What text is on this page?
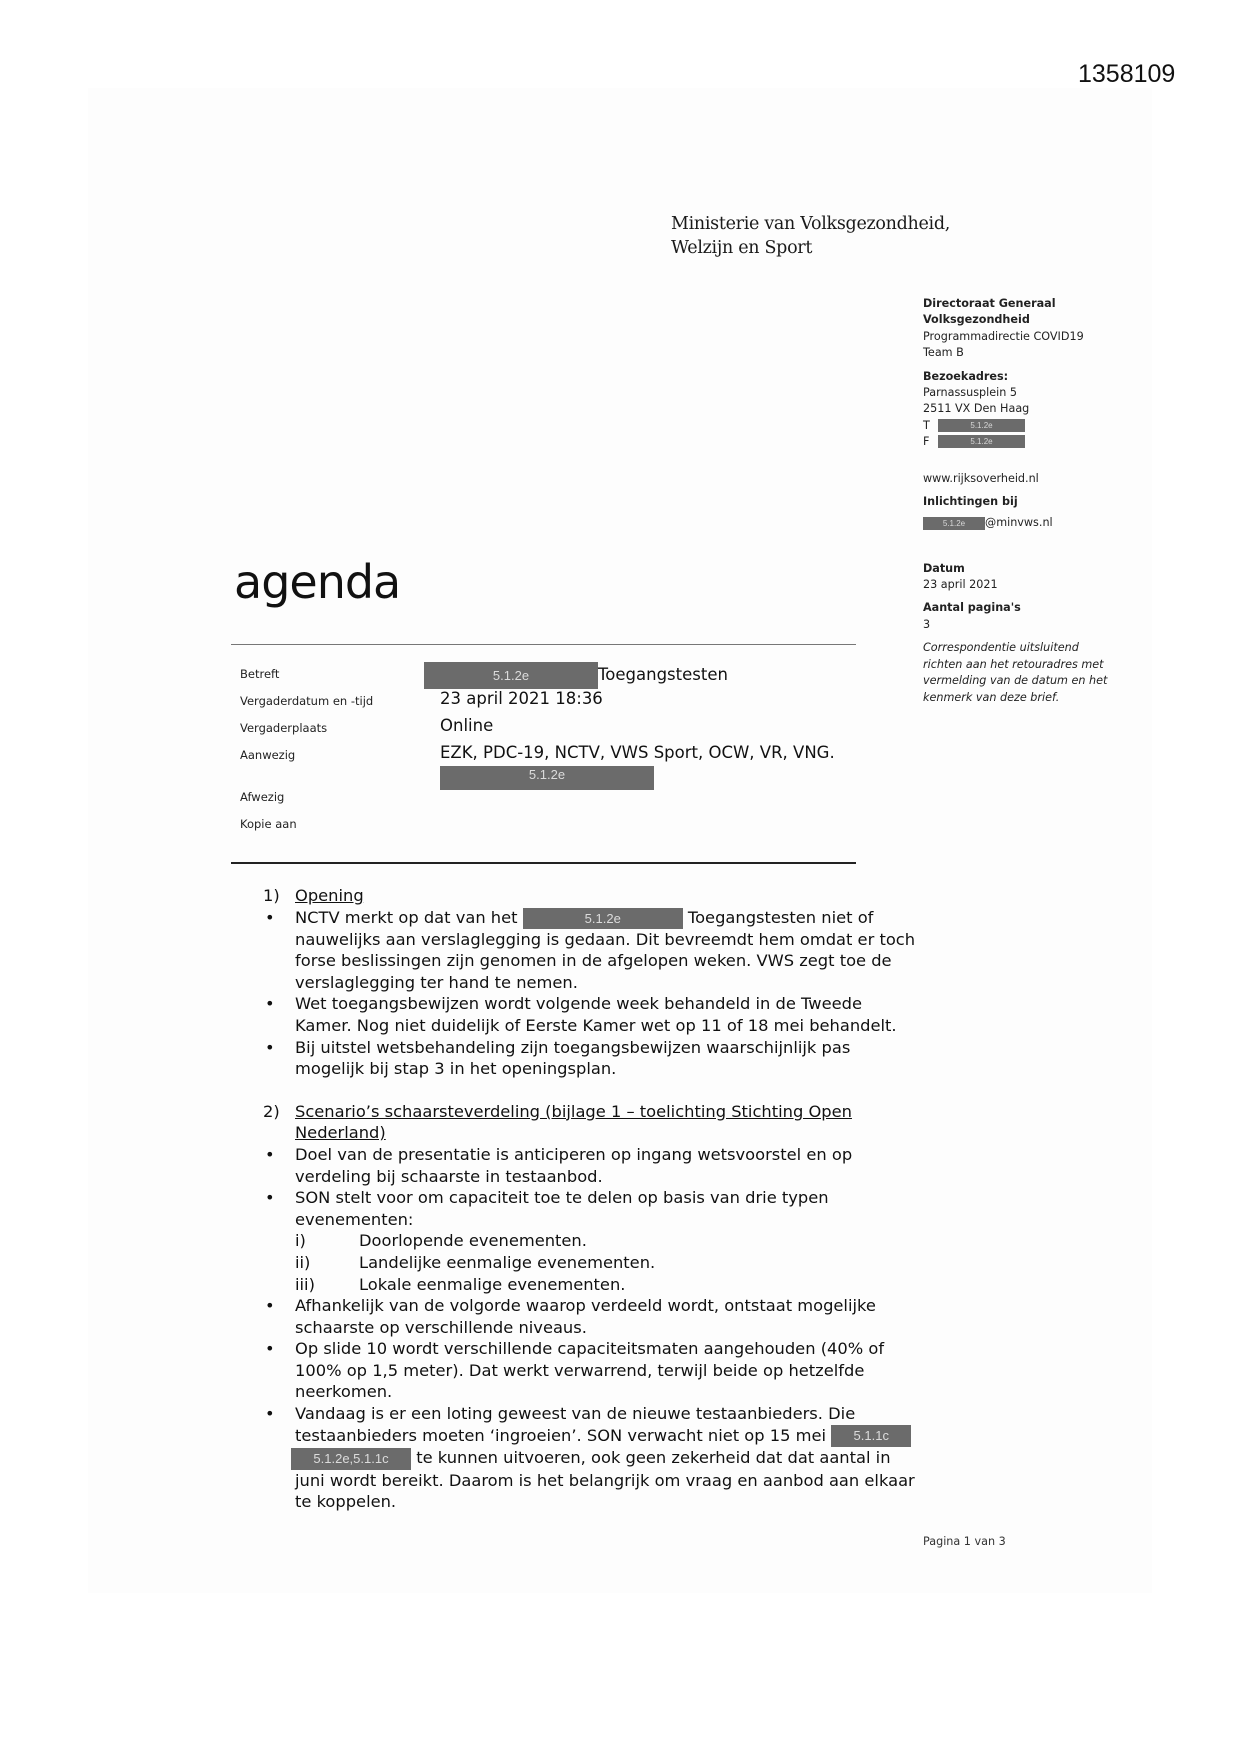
1358109
Ministerie van Volksgezondheid,
Welzijn en Sport
Directoraat Generaal
Volksgezondheid
Programmadirectie COVID19
Team B
Bezoekadres:
Parnassusplein 5
2511 VX Den Haag
T	5.1.2e
F	5.1.2e
www.rijksoverheid.nl
Inlichtingen bij
5.1.2e	@minvws.nl
Datum
23 april 2021
Aantal pagina's
3
Correspondentie uitsluitend richten aan het retouradres met vermelding van de datum en het kenmerk van deze brief.
agenda
Betreft	5.1.2e	Toegangstesten
Vergaderdatum en -tijd	23 april 2021 18:36
Vergaderplaats	Online
Aanwezig	EZK, PDC-19, NCTV, VWS Sport, OCW, VR, VNG.
5.1.2e
Afwezig
Kopie aan
1) Opening
•	NCTV merkt op dat van het	5.1.2e	Toegangstesten niet of nauwelijks aan verslaglegging is gedaan. Dit bevreemdt hem omdat er toch forse beslissingen zijn genomen in de afgelopen weken. VWS zegt toe de verslaglegging ter hand te nemen.
•	Wet toegangsbewijzen wordt volgende week behandeld in de Tweede Kamer. Nog niet duidelijk of Eerste Kamer wet op 11 of 18 mei behandelt.
•	Bij uitstel wetsbehandeling zijn toegangsbewijzen waarschijnlijk pas mogelijk bij stap 3 in het openingsplan.
2) Scenario’s schaarsteverdeling (bijlage 1 – toelichting Stichting Open Nederland)
•	Doel van de presentatie is anticiperen op ingang wetsvoorstel en op verdeling bij schaarste in testaanbod.
•	SON stelt voor om capaciteit toe te delen op basis van drie typen evenementen:
i)	Doorlopende evenementen.
ii)	Landelijke eenmalige evenementen.
iii)	Lokale eenmalige evenementen.
•	Afhankelijk van de volgorde waarop verdeeld wordt, ontstaat mogelijke schaarste op verschillende niveaus.
•	Op slide 10 wordt verschillende capaciteitsmaten aangehouden (40% of 100% op 1,5 meter). Dat werkt verwarrend, terwijl beide op hetzelfde neerkomen.
•	Vandaag is er een loting geweest van de nieuwe testaanbieders. Die testaanbieders moeten ‘ingroeien’. SON verwacht niet op 15 mei 5.1.1c 5.1.2e,5.1.1c te kunnen uitvoeren, ook geen zekerheid dat dat aantal in juni wordt bereikt. Daarom is het belangrijk om vraag en aanbod aan elkaar te koppelen.
Pagina 1 van 3
